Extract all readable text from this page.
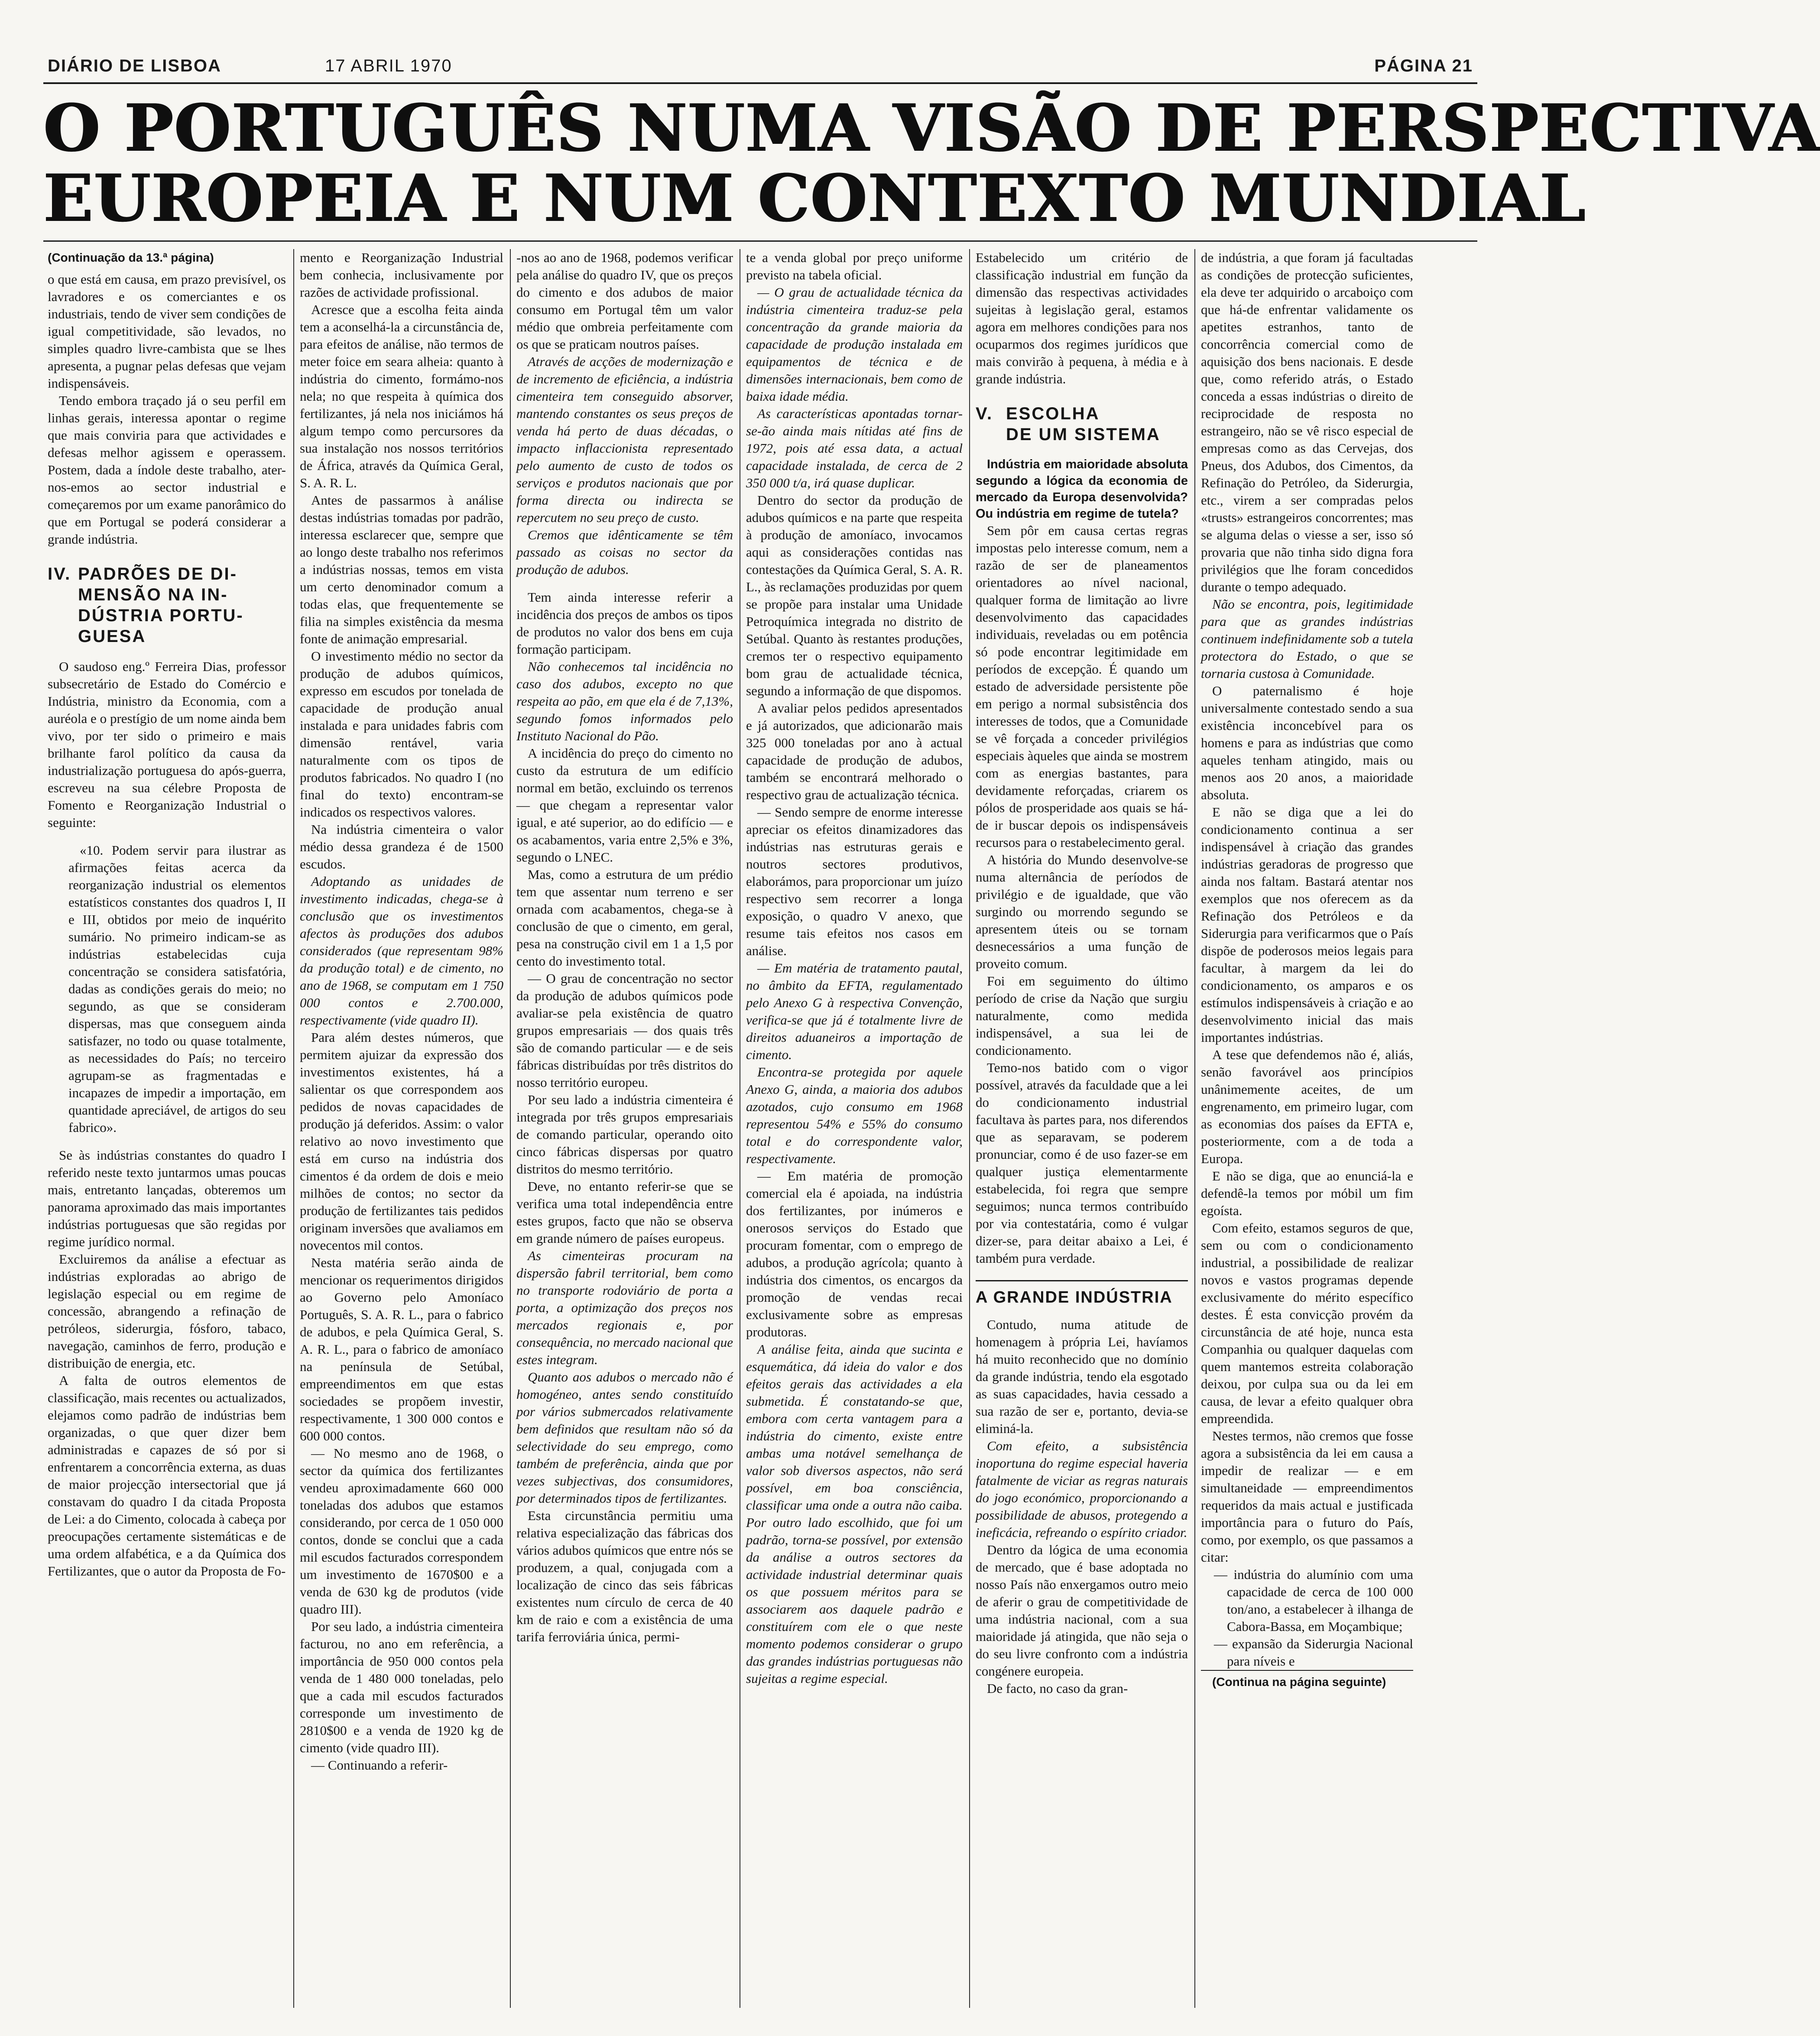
DIÁRIO DE LISBOA	17 ABRIL 1970	PÁGINA 21
O PORTUGUÊS NUMA VISÃO DE PERSPECTIVA
EUROPEIA E NUM CONTEXTO MUNDIAL

(Continuação da 13.ª página)

o que está em causa, em prazo previsível, os lavradores e os comerciantes e os industriais, tendo de viver sem condições de igual competitividade, são levados, no simples quadro livre-cambista que se lhes apresenta, a pugnar pelas defesas que vejam indispensáveis.

Tendo embora traçado já o seu perfil em linhas gerais, interessa apontar o regime que mais conviria para que actividades e defesas melhor agissem e operassem. Postem, dada a índole deste trabalho, ater-nos-emos ao sector industrial e começaremos por um exame panorâmico do que em Portugal se poderá considerar a grande indústria.

IV. PADRÕES DE DI-
MENSÃO NA IN-
DÚSTRIA PORTU-
GUESA

O saudoso eng.º Ferreira Dias, professor subsecretário de Estado do Comércio e Indústria, ministro da Economia, com a auréola e o prestígio de um nome ainda bem vivo, por ter sido o primeiro e mais brilhante farol político da causa da industrialização portuguesa do após-guerra, escreveu na sua célebre Proposta de Fomento e Reorganização Industrial o seguinte:

«10. Podem servir para ilustrar as afirmações feitas acerca da reorganização industrial os elementos estatísticos constantes dos quadros I, II e III, obtidos por meio de inquérito sumário. No primeiro indicam-se as indústrias estabelecidas cuja concentração se considera satisfatória, dadas as condições gerais do meio; no segundo, as que se consideram dispersas, mas que conseguem ainda satisfazer, no todo ou quase totalmente, as necessidades do País; no terceiro agrupam-se as fragmentadas e incapazes de impedir a importação, em quantidade apreciável, de artigos do seu fabrico».

Se às indústrias constantes do quadro I referido neste texto juntarmos umas poucas mais, entretanto lançadas, obteremos um panorama aproximado das mais importantes indústrias portuguesas que são regidas por regime jurídico normal.

Excluiremos da análise a efectuar as indústrias exploradas ao abrigo de legislação especial ou em regime de concessão, abrangendo a refinação de petróleos, siderurgia, fósforo, tabaco, navegação, caminhos de ferro, produção e distribuição de energia, etc.

A falta de outros elementos de classificação, mais recentes ou actualizados, elejamos como padrão de indústrias bem organizadas, o que quer dizer bem administradas e capazes de só por si enfrentarem a concorrência externa, as duas de maior projecção intersectorial que já constavam do quadro I da citada Proposta de Lei: a do Cimento, colocada à cabeça por preocupações certamente sistemáticas e de uma ordem alfabética, e a da Química dos Fertilizantes, que o autor da Proposta de Fo-

mento e Reorganização Industrial bem conhecia, inclusivamente por razões de actividade profissional.

Acresce que a escolha feita ainda tem a aconselhá-la a circunstância de, para efeitos de análise, não termos de meter foice em seara alheia: quanto à indústria do cimento, formámo-nos nela; no que respeita à química dos fertilizantes, já nela nos iniciámos há algum tempo como percursores da sua instalação nos nossos territórios de África, através da Química Geral, S. A. R. L.

Antes de passarmos à análise destas indústrias tomadas por padrão, interessa esclarecer que, sempre que ao longo deste trabalho nos referimos a indústrias nossas, temos em vista um certo denominador comum a todas elas, que frequentemente se filia na simples existência da mesma fonte de animação empresarial.

O investimento médio no sector da produção de adubos químicos, expresso em escudos por tonelada de capacidade de produção anual instalada e para unidades fabris com dimensão rentável, varia naturalmente com os tipos de produtos fabricados. No quadro I (no final do texto) encontram-se indicados os respectivos valores.

Na indústria cimenteira o valor médio dessa grandeza é de 1500 escudos.

Adoptando as unidades de investimento indicadas, chega-se à conclusão que os investimentos afectos às produções dos adubos considerados (que representam 98% da produção total) e de cimento, no ano de 1968, se computam em 1 750 000 contos e 2.700.000, respectivamente (vide quadro II).

Para além destes números, que permitem ajuizar da expressão dos investimentos existentes, há a salientar os que correspondem aos pedidos de novas capacidades de produção já deferidos. Assim: o valor relativo ao novo investimento que está em curso na indústria dos cimentos é da ordem de dois e meio milhões de contos; no sector da produção de fertilizantes tais pedidos originam inversões que avaliamos em novecentos mil contos.

Nesta matéria serão ainda de mencionar os requerimentos dirigidos ao Governo pelo Amoníaco Português, S. A. R. L., para o fabrico de adubos, e pela Química Geral, S. A. R. L., para o fabrico de amoníaco na península de Setúbal, empreendimentos em que estas sociedades se propõem investir, respectivamente, 1 300 000 contos e 600 000 contos.

— No mesmo ano de 1968, o sector da química dos fertilizantes vendeu aproximadamente 660 000 toneladas dos adubos que estamos considerando, por cerca de 1 050 000 contos, donde se conclui que a cada mil escudos facturados correspondem um investimento de 1670$00 e a venda de 630 kg de produtos (vide quadro III).

Por seu lado, a indústria cimenteira facturou, no ano em referência, a importância de 950 000 contos pela venda de 1 480 000 toneladas, pelo que a cada mil escudos facturados corresponde um investimento de 2810$00 e a venda de 1920 kg de cimento (vide quadro III).

— Continuando a referir-

-nos ao ano de 1968, podemos verificar pela análise do quadro IV, que os preços do cimento e dos adubos de maior consumo em Portugal têm um valor médio que ombreia perfeitamente com os que se praticam noutros países.

Através de acções de modernização e de incremento de eficiência, a indústria cimenteira tem conseguido absorver, mantendo constantes os seus preços de venda há perto de duas décadas, o impacto inflaccionista representado pelo aumento de custo de todos os serviços e produtos nacionais que por forma directa ou indirecta se repercutem no seu preço de custo.

Cremos que idênticamente se têm passado as coisas no sector da produção de adubos.

Tem ainda interesse referir a incidência dos preços de ambos os tipos de produtos no valor dos bens em cuja formação participam.

Não conhecemos tal incidência no caso dos adubos, excepto no que respeita ao pão, em que ela é de 7,13%, segundo fomos informados pelo Instituto Nacional do Pão.

A incidência do preço do cimento no custo da estrutura de um edifício normal em betão, excluindo os terrenos — que chegam a representar valor igual, e até superior, ao do edifício — e os acabamentos, varia entre 2,5% e 3%, segundo o LNEC.

Mas, como a estrutura de um prédio tem que assentar num terreno e ser ornada com acabamentos, chega-se à conclusão de que o cimento, em geral, pesa na construção civil em 1 a 1,5 por cento do investimento total.

— O grau de concentração no sector da produção de adubos químicos pode avaliar-se pela existência de quatro grupos empresariais — dos quais três são de comando particular — e de seis fábricas distribuídas por três distritos do nosso território europeu.

Por seu lado a indústria cimenteira é integrada por três grupos empresariais de comando particular, operando oito cinco fábricas dispersas por quatro distritos do mesmo território.

Deve, no entanto referir-se que se verifica uma total independência entre estes grupos, facto que não se observa em grande número de países europeus.

As cimenteiras procuram na dispersão fabril territorial, bem como no transporte rodoviário de porta a porta, a optimização dos preços nos mercados regionais e, por consequência, no mercado nacional que estes integram.

Quanto aos adubos o mercado não é homogéneo, antes sendo constituído por vários submercados relativamente bem definidos que resultam não só da selectividade do seu emprego, como também de preferência, ainda que por vezes subjectivas, dos consumidores, por determinados tipos de fertilizantes.

Esta circunstância permitiu uma relativa especialização das fábricas dos vários adubos químicos que entre nós se produzem, a qual, conjugada com a localização de cinco das seis fábricas existentes num círculo de cerca de 40 km de raio e com a existência de uma tarifa ferroviária única, permi-

te a venda global por preço uniforme previsto na tabela oficial.

— O grau de actualidade técnica da indústria cimenteira traduz-se pela concentração da grande maioria da capacidade de produção instalada em equipamentos de técnica e de dimensões internacionais, bem como de baixa idade média.

As características apontadas tornar-se-ão ainda mais nítidas até fins de 1972, pois até essa data, a actual capacidade instalada, de cerca de 2 350 000 t/a, irá quase duplicar.

Dentro do sector da produção de adubos químicos e na parte que respeita à produção de amoníaco, invocamos aqui as considerações contidas nas contestações da Química Geral, S. A. R. L., às reclamações produzidas por quem se propõe para instalar uma Unidade Petroquímica integrada no distrito de Setúbal. Quanto às restantes produções, cremos ter o respectivo equipamento bom grau de actualidade técnica, segundo a informação de que dispomos.

A avaliar pelos pedidos apresentados e já autorizados, que adicionarão mais 325 000 toneladas por ano à actual capacidade de produção de adubos, também se encontrará melhorado o respectivo grau de actualização técnica.

— Sendo sempre de enorme interesse apreciar os efeitos dinamizadores das indústrias nas estruturas gerais e noutros sectores produtivos, elaborámos, para proporcionar um juízo respectivo sem recorrer a longa exposição, o quadro V anexo, que resume tais efeitos nos casos em análise.

— Em matéria de tratamento pautal, no âmbito da EFTA, regulamentado pelo Anexo G à respectiva Convenção, verifica-se que já é totalmente livre de direitos aduaneiros a importação de cimento.

Encontra-se protegida por aquele Anexo G, ainda, a maioria dos adubos azotados, cujo consumo em 1968 representou 54% e 55% do consumo total e do correspondente valor, respectivamente.

— Em matéria de promoção comercial ela é apoiada, na indústria dos fertilizantes, por inúmeros e onerosos serviços do Estado que procuram fomentar, com o emprego de adubos, a produção agrícola; quanto à indústria dos cimentos, os encargos da promoção de vendas recai exclusivamente sobre as empresas produtoras.

A análise feita, ainda que sucinta e esquemática, dá ideia do valor e dos efeitos gerais das actividades a ela submetida. É constatando-se que, embora com certa vantagem para a indústria do cimento, existe entre ambas uma notável semelhança de valor sob diversos aspectos, não será possível, em boa consciência, classificar uma onde a outra não caiba. Por outro lado escolhido, que foi um padrão, torna-se possível, por extensão da análise a outros sectores da actividade industrial determinar quais os que possuem méritos para se associarem aos daquele padrão e constituírem com ele o que neste momento podemos considerar o grupo das grandes indústrias portuguesas não sujeitas a regime especial.

Estabelecido um critério de classificação industrial em função da dimensão das respectivas actividades sujeitas à legislação geral, estamos agora em melhores condições para nos ocuparmos dos regimes jurídicos que mais convirão à pequena, à média e à grande indústria.

V. ESCOLHA
DE UM SISTEMA

Indústria em maioridade absoluta segundo a lógica da economia de mercado da Europa desenvolvida? Ou indústria em regime de tutela?

Sem pôr em causa certas regras impostas pelo interesse comum, nem a razão de ser de planeamentos orientadores ao nível nacional, qualquer forma de limitação ao livre desenvolvimento das capacidades individuais, reveladas ou em potência só pode encontrar legitimidade em períodos de excepção. É quando um estado de adversidade persistente põe em perigo a normal subsistência dos interesses de todos, que a Comunidade se vê forçada a conceder privilégios especiais àqueles que ainda se mostrem com as energias bastantes, para devidamente reforçadas, criarem os pólos de prosperidade aos quais se há-de ir buscar depois os indispensáveis recursos para o restabelecimento geral.

A história do Mundo desenvolve-se numa alternância de períodos de privilégio e de igualdade, que vão surgindo ou morrendo segundo se apresentem úteis ou se tornam desnecessários a uma função de proveito comum.

Foi em seguimento do último período de crise da Nação que surgiu naturalmente, como medida indispensável, a sua lei de condicionamento.

Temo-nos batido com o vigor possível, através da faculdade que a lei do condicionamento industrial facultava às partes para, nos diferendos que as separavam, se poderem pronunciar, como é de uso fazer-se em qualquer justiça elementarmente estabelecida, foi regra que sempre seguimos; nunca termos contribuído por via contestatária, como é vulgar dizer-se, para deitar abaixo a Lei, é também pura verdade.

A GRANDE INDÚSTRIA

Contudo, numa atitude de homenagem à própria Lei, havíamos há muito reconhecido que no domínio da grande indústria, tendo ela esgotado as suas capacidades, havia cessado a sua razão de ser e, portanto, devia-se eliminá-la.

Com efeito, a subsistência inoportuna do regime especial haveria fatalmente de viciar as regras naturais do jogo económico, proporcionando a possibilidade de abusos, protegendo a ineficácia, refreando o espírito criador.

Dentro da lógica de uma economia de mercado, que é base adoptada no nosso País não enxergamos outro meio de aferir o grau de competitividade de uma indústria nacional, com a sua maioridade já atingida, que não seja o do seu livre confronto com a indústria congénere europeia.

De facto, no caso da gran-

de indústria, a que foram já facultadas as condições de protecção suficientes, ela deve ter adquirido o arcaboiço com que há-de enfrentar validamente os apetites estranhos, tanto de concorrência comercial como de aquisição dos bens nacionais. E desde que, como referido atrás, o Estado conceda a essas indústrias o direito de reciprocidade de resposta no estrangeiro, não se vê risco especial de empresas como as das Cervejas, dos Pneus, dos Adubos, dos Cimentos, da Refinação do Petróleo, da Siderurgia, etc., virem a ser compradas pelos «trusts» estrangeiros concorrentes; mas se alguma delas o viesse a ser, isso só provaria que não tinha sido digna fora privilégios que lhe foram concedidos durante o tempo adequado.

Não se encontra, pois, legitimidade para que as grandes indústrias continuem indefinidamente sob a tutela protectora do Estado, o que se tornaria custosa à Comunidade.

O paternalismo é hoje universalmente contestado sendo a sua existência inconcebível para os homens e para as indústrias que como aqueles tenham atingido, mais ou menos aos 20 anos, a maioridade absoluta.

E não se diga que a lei do condicionamento continua a ser indispensável à criação das grandes indústrias geradoras de progresso que ainda nos faltam. Bastará atentar nos exemplos que nos oferecem as da Refinação dos Petróleos e da Siderurgia para verificarmos que o País dispõe de poderosos meios legais para facultar, à margem da lei do condicionamento, os amparos e os estímulos indispensáveis à criação e ao desenvolvimento inicial das mais importantes indústrias.

A tese que defendemos não é, aliás, senão favorável aos princípios unânimemente aceites, de um engrenamento, em primeiro lugar, com as economias dos países da EFTA e, posteriormente, com a de toda a Europa.

E não se diga, que ao enunciá-la e defendê-la temos por móbil um fim egoísta.

Com efeito, estamos seguros de que, sem ou com o condicionamento industrial, a possibilidade de realizar novos e vastos programas depende exclusivamente do mérito específico destes. É esta convicção provém da circunstância de até hoje, nunca esta Companhia ou qualquer daquelas com quem mantemos estreita colaboração deixou, por culpa sua ou da lei em causa, de levar a efeito qualquer obra empreendida.

Nestes termos, não cremos que fosse agora a subsistência da lei em causa a impedir de realizar — e em simultaneidade — empreendimentos requeridos da mais actual e justificada importância para o futuro do País, como, por exemplo, os que passamos a citar:

— indústria do alumínio com uma capacidade de cerca de 100 000 ton/ano, a estabelecer à ilhanga de Cabora-Bassa, em Moçambique;

— expansão da Siderurgia Nacional para níveis e

(Continua na página seguinte)
